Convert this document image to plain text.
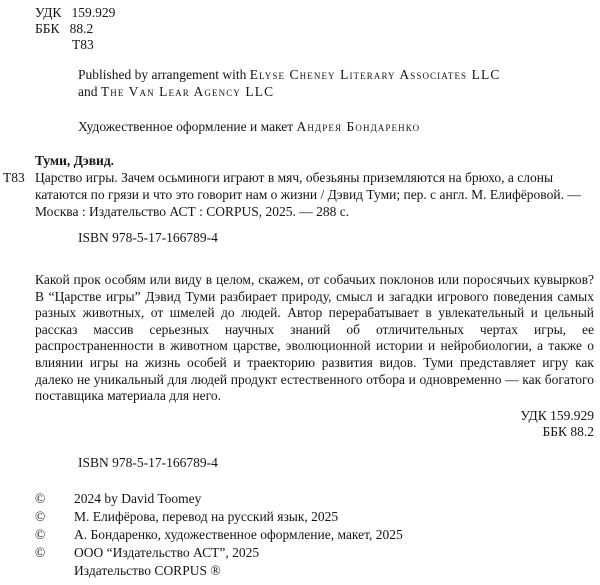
УДК   159.929
ББК   88.2
Т83
Published by arrangement with Elyse Cheney Literary Associates LLC
and The Van Lear Agency LLC
Художественное оформление и макет Андрея Бондаренко
Туми, Дэвид.
Т83 Царство игры. Зачем осьминоги играют в мяч, обезьяны приземляются на брюхо, а слоны катаются по грязи и что это говорит нам о жизни / Дэвид Туми; пер. с англ. М. Елифёровой. — Москва : Издательство АСТ : CORPUS, 2025. — 288 с.
ISBN 978-5-17-166789-4
Какой прок особям или виду в целом, скажем, от собачьих поклонов или поросячьих кувырков? В “Царстве игры” Дэвид Туми разбирает природу, смысл и загадки игрового поведения самых разных животных, от шмелей до людей. Автор перерабатывает в увлекательный и цельный рассказ массив серьезных научных знаний об отличительных чертах игры, ее распространенности в животном царстве, эволюционной истории и нейробиологии, а также о влиянии игры на жизнь особей и траекторию развития видов. Туми представляет игру как далеко не уникальный для людей продукт естественного отбора и одновременно — как богатого поставщика материала для него.
УДК 159.929
ББК 88.2
ISBN 978-5-17-166789-4
©	2024 by David Toomey
©	М. Елифёрова, перевод на русский язык, 2025
©	А. Бондаренко, художественное оформление, макет, 2025
©	ООО “Издательство АСТ”, 2025
Издательство CORPUS ®
